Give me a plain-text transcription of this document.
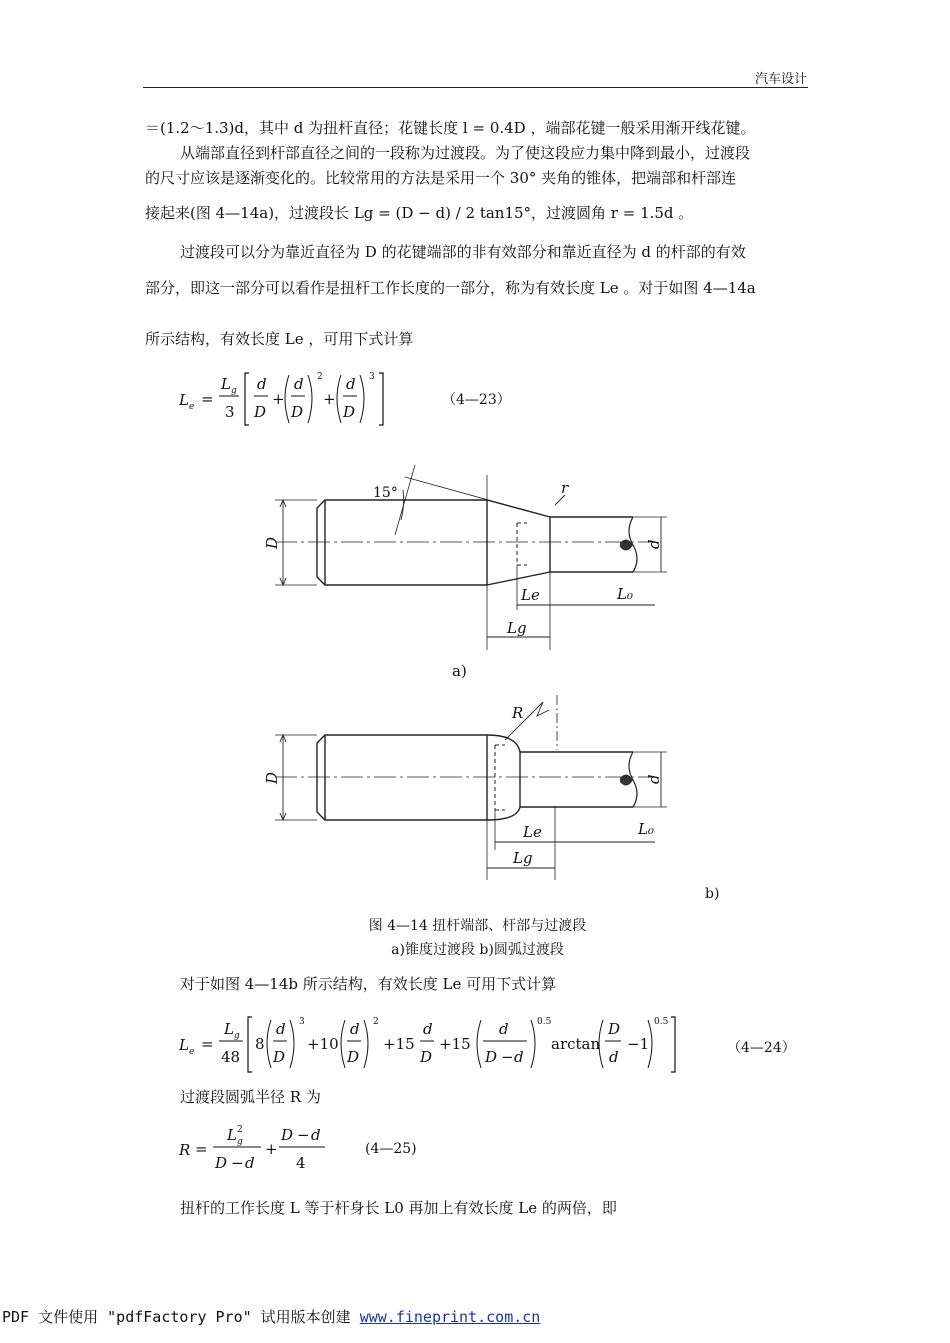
汽车设计
＝(1.2～1.3)d，其中 d 为扭杆直径；花键长度 l = 0.4D ，端部花键一般采用渐开线花键。
从端部直径到杆部直径之间的一段称为过渡段。为了使这段应力集中降到最小，过渡段
的尺寸应该是逐渐变化的。比较常用的方法是采用一个 30° 夹角的锥体，把端部和杆部连
接起来(图 4—14a)，过渡段长 Lg = (D − d) / 2 tan15°，过渡圆角 r = 1.5d 。
过渡段可以分为靠近直径为 D 的花键端部的非有效部分和靠近直径为 d 的杆部的有效
部分，即这一部分可以看作是扭杆工作长度的一部分，称为有效长度 Le 。对于如图 4—14a
所示结构，有效长度 Le ，可用下式计算
L e =
L g
3
d
D
+
d
D
2
+
d
D
3
（4—23）
D	d
15°	r
Le
Lg
L₀
a)
D	d
R
Le
Lg
L₀
b)
图 4—14 扭杆端部、杆部与过渡段
a)锥度过渡段 b)圆弧过渡段
对于如图 4—14b 所示结构，有效长度 Le 可用下式计算
L e =
L g
48
8
d
D
3
+10
d
D
2
+15
d
D
+15
d
D − d
0.5
arctan
D
d
−1
0.5
（4—24）
过渡段圆弧半径 R 为
R =
L 2
g
D − d
+
D − d
4
(4—25)
扭杆的工作长度 L 等于杆身长 L0 再加上有效长度 Le 的两倍，即
PDF 文件使用 "pdfFactory Pro" 试用版本创建 www.fineprint.com.cn
